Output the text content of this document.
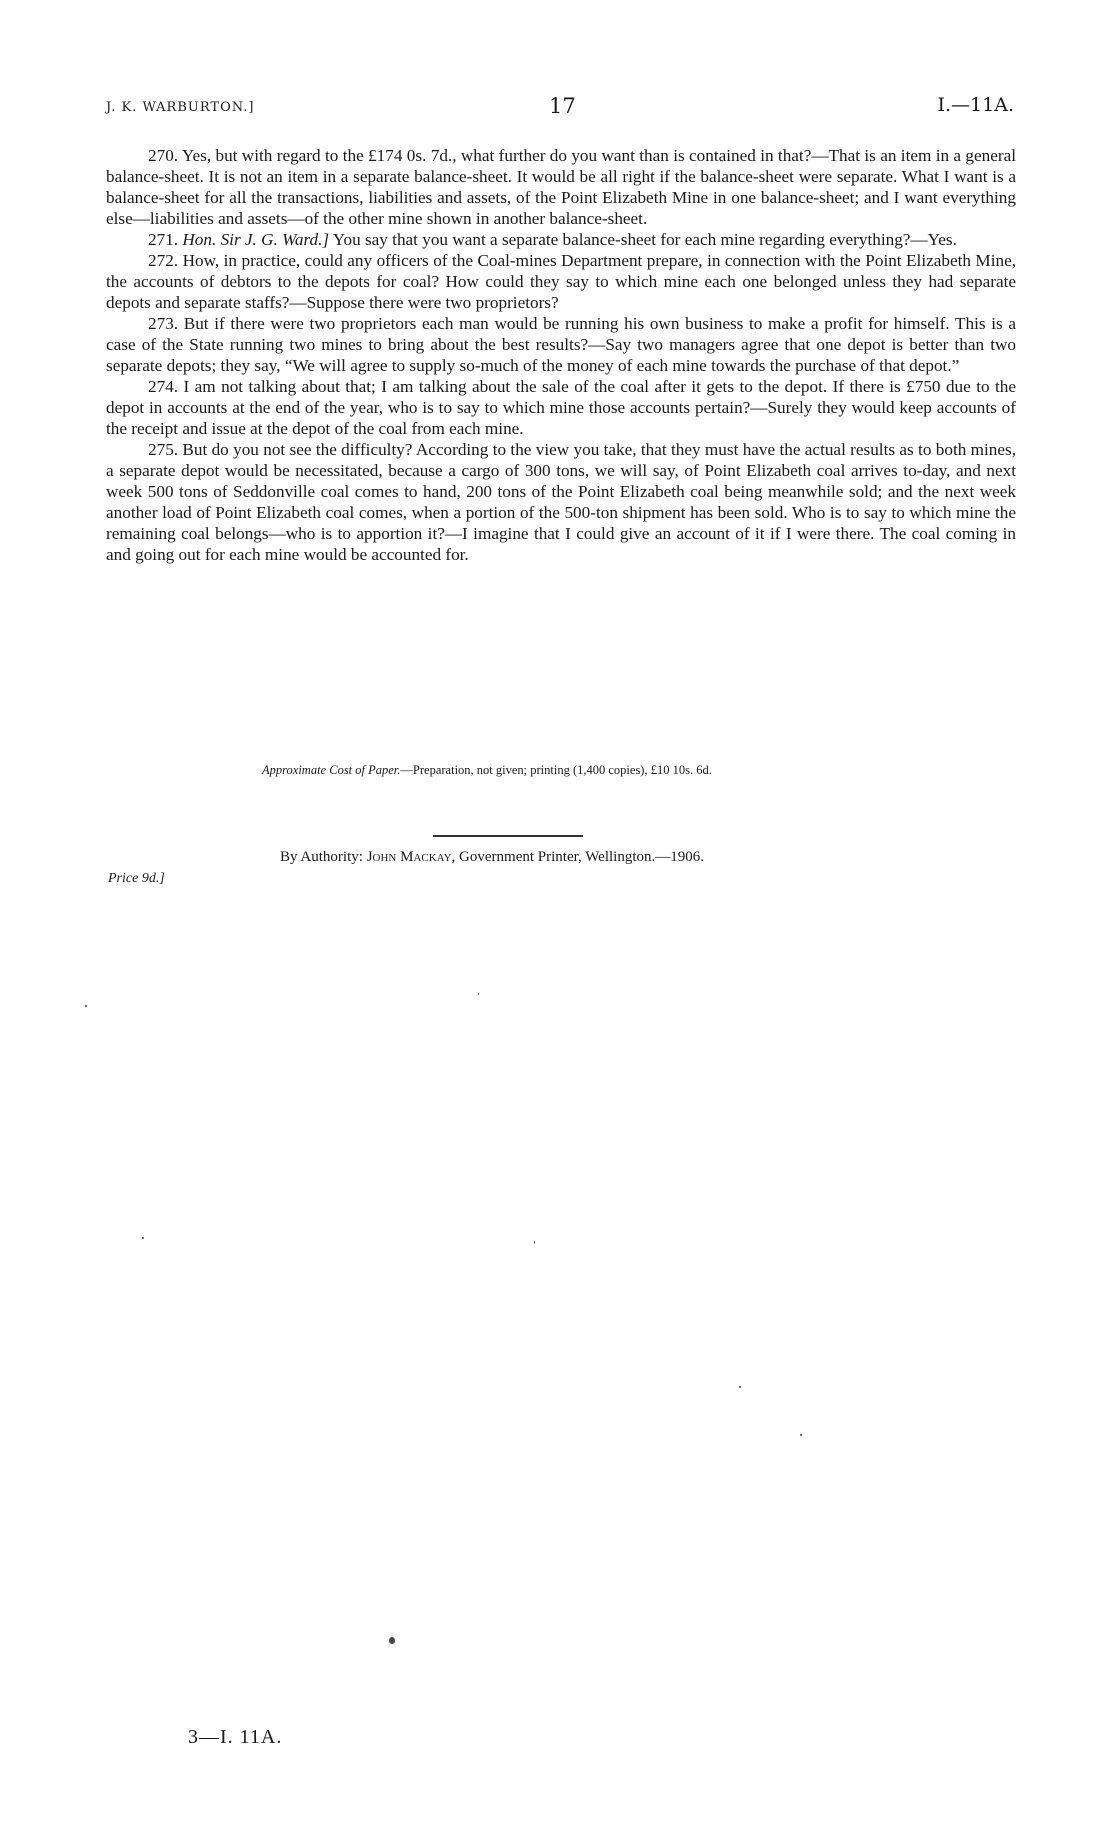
J. K. WARBURTON.]	17	I.—11A.

270. Yes, but with regard to the £174 0s. 7d., what further do you want than is contained in that?—That is an item in a general balance-sheet. It is not an item in a separate balance-sheet. It would be all right if the balance-sheet were separate. What I want is a balance-sheet for all the transactions, liabilities and assets, of the Point Elizabeth Mine in one balance-sheet; and I want everything else—liabilities and assets—of the other mine shown in another balance-sheet.

271. Hon. Sir J. G. Ward.] You say that you want a separate balance-sheet for each mine regarding everything?—Yes.

272. How, in practice, could any officers of the Coal-mines Department prepare, in connection with the Point Elizabeth Mine, the accounts of debtors to the depots for coal? How could they say to which mine each one belonged unless they had separate depots and separate staffs?—Suppose there were two proprietors?

273. But if there were two proprietors each man would be running his own business to make a profit for himself. This is a case of the State running two mines to bring about the best results?—Say two managers agree that one depot is better than two separate depots; they say, “We will agree to supply so-much of the money of each mine towards the purchase of that depot.”

274. I am not talking about that; I am talking about the sale of the coal after it gets to the depot. If there is £750 due to the depot in accounts at the end of the year, who is to say to which mine those accounts pertain?—Surely they would keep accounts of the receipt and issue at the depot of the coal from each mine.

275. But do you not see the difficulty? According to the view you take, that they must have the actual results as to both mines, a separate depot would be necessitated, because a cargo of 300 tons, we will say, of Point Elizabeth coal arrives to-day, and next week 500 tons of Seddonville coal comes to hand, 200 tons of the Point Elizabeth coal being meanwhile sold; and the next week another load of Point Elizabeth coal comes, when a portion of the 500-ton shipment has been sold. Who is to say to which mine the remaining coal belongs—who is to apportion it?—I imagine that I could give an account of it if I were there. The coal coming in and going out for each mine would be accounted for.

Approximate Cost of Paper.—Preparation, not given; printing (1,400 copies), £10 10s. 6d.
By Authority: John Mackay, Government Printer, Wellington.—1906.
Price 9d.]
3—I. 11A.
